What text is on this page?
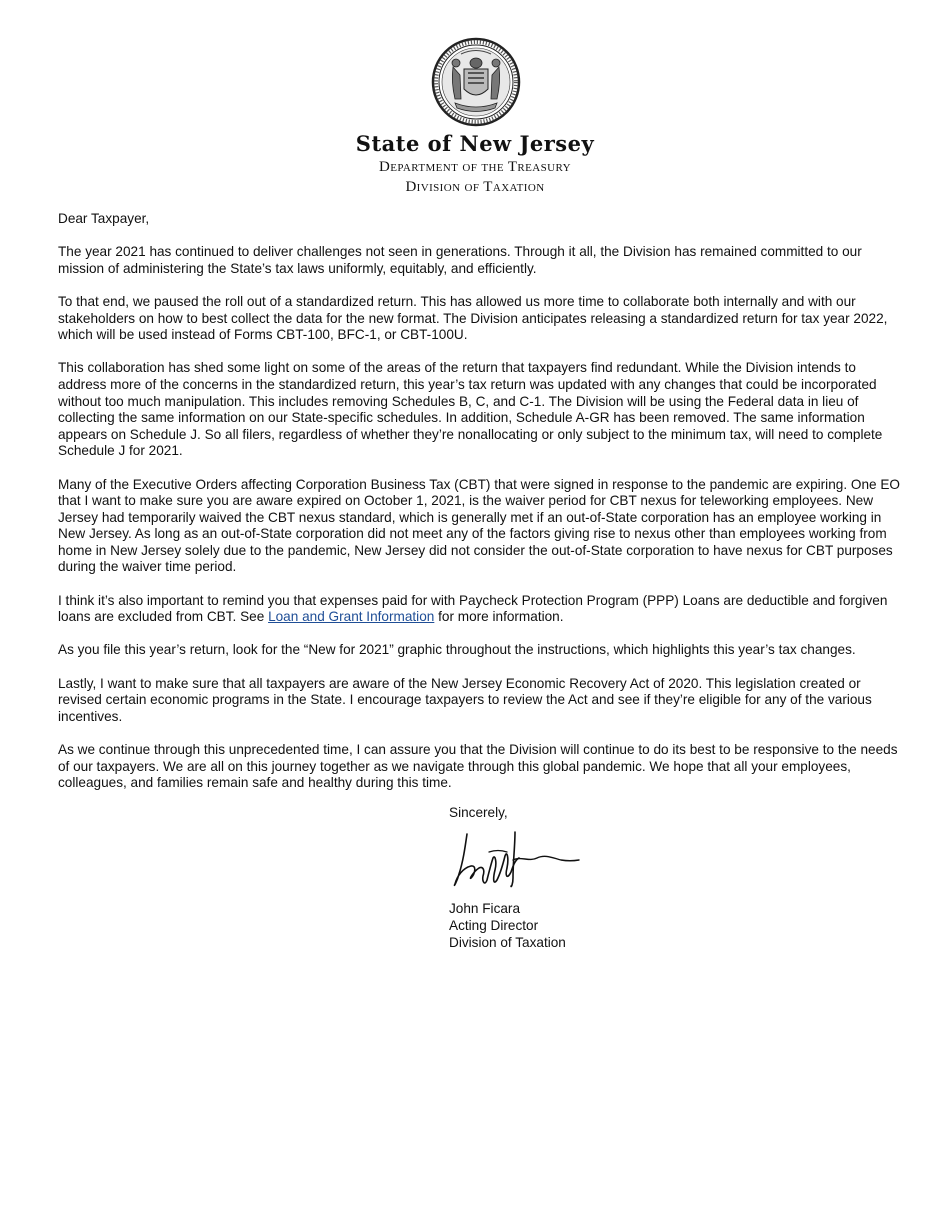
State of New Jersey
Department of the Treasury
Division of Taxation

Dear Taxpayer,

The year 2021 has continued to deliver challenges not seen in generations. Through it all, the Division has remained committed to our mission of administering the State’s tax laws uniformly, equitably, and efficiently.

To that end, we paused the roll out of a standardized return. This has allowed us more time to collaborate both internally and with our stakeholders on how to best collect the data for the new format. The Division anticipates releasing a standardized return for tax year 2022, which will be used instead of Forms CBT-100, BFC-1, or CBT-100U.

This collaboration has shed some light on some of the areas of the return that taxpayers find redundant. While the Division intends to address more of the concerns in the standardized return, this year’s tax return was updated with any changes that could be incorporated without too much manipulation. This includes removing Schedules B, C, and C-1. The Division will be using the Federal data in lieu of collecting the same information on our State-specific schedules. In addition, Schedule A-GR has been removed. The same information appears on Schedule J. So all filers, regardless of whether they’re nonallocating or only subject to the minimum tax, will need to complete Schedule J for 2021.

Many of the Executive Orders affecting Corporation Business Tax (CBT) that were signed in response to the pandemic are expiring. One EO that I want to make sure you are aware expired on October 1, 2021, is the waiver period for CBT nexus for teleworking employees. New Jersey had temporarily waived the CBT nexus standard, which is generally met if an out-of-State corporation has an employee working in New Jersey. As long as an out-of-State corporation did not meet any of the factors giving rise to nexus other than employees working from home in New Jersey solely due to the pandemic, New Jersey did not consider the out-of-State corporation to have nexus for CBT purposes during the waiver time period.

I think it’s also important to remind you that expenses paid for with Paycheck Protection Program (PPP) Loans are deductible and forgiven loans are excluded from CBT. See Loan and Grant Information for more information.

As you file this year’s return, look for the “New for 2021” graphic throughout the instructions, which highlights this year’s tax changes.

Lastly, I want to make sure that all taxpayers are aware of the New Jersey Economic Recovery Act of 2020. This legislation created or revised certain economic programs in the State. I encourage taxpayers to review the Act and see if they’re eligible for any of the various incentives.

As we continue through this unprecedented time, I can assure you that the Division will continue to do its best to be responsive to the needs of our taxpayers. We are all on this journey together as we navigate through this global pandemic. We hope that all your employees, colleagues, and families remain safe and healthy during this time.

Sincerely,
John Ficara
Acting Director
Division of Taxation
